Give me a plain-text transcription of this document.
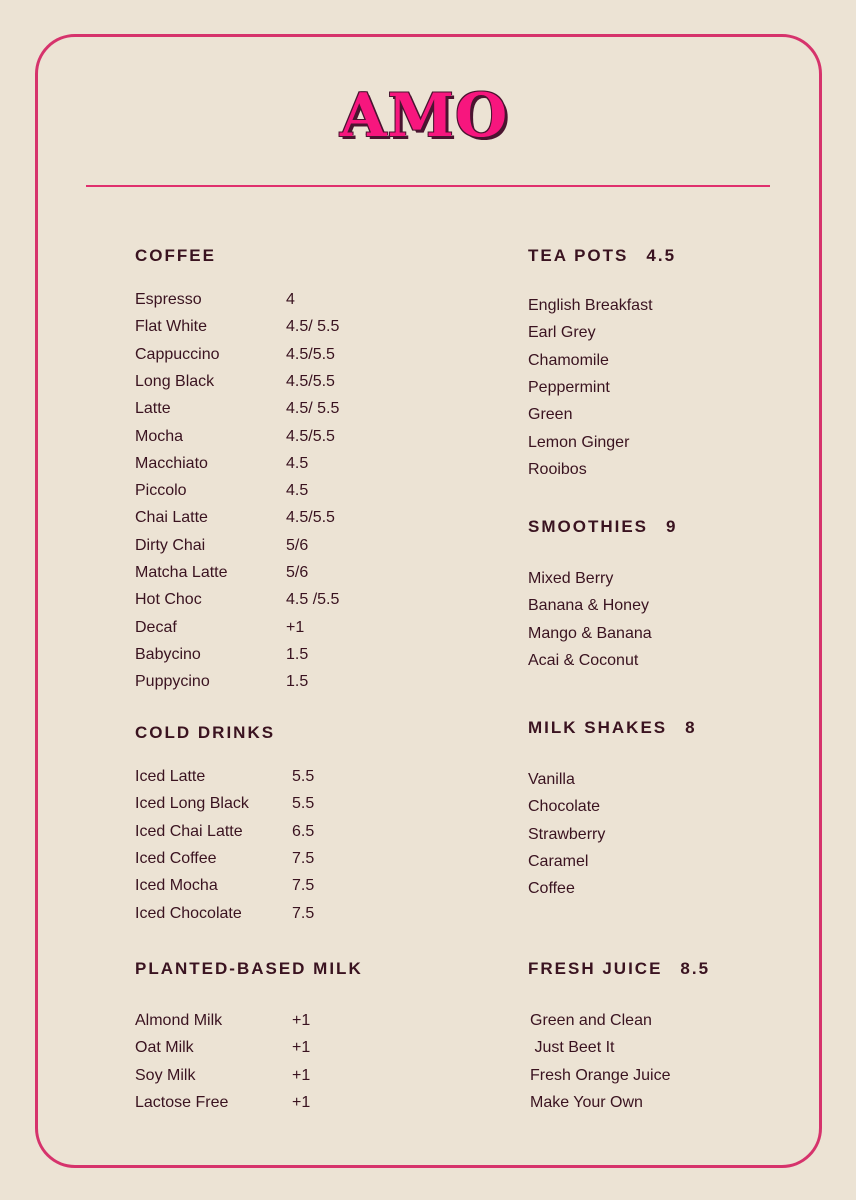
AMO
COFFEE
COLD DRINKS
PLANTED-BASED MILK
TEA POTS 4.5
SMOOTHIES 9
MILK SHAKES 8
FRESH JUICE 8.5
Espresso	4
Flat White	4.5/ 5.5
Cappuccino	4.5/5.5
Long Black	4.5/5.5
Latte	4.5/ 5.5
Mocha	4.5/5.5
Macchiato	4.5
Piccolo	4.5
Chai Latte	4.5/5.5
Dirty Chai	5/6
Matcha Latte	5/6
Hot Choc	4.5 /5.5
Decaf	+1
Babycino	1.5
Puppycino	1.5
Iced Latte	5.5
Iced Long Black	5.5
Iced Chai Latte	6.5
Iced Coffee	7.5
Iced Mocha	7.5
Iced Chocolate	7.5
Almond Milk	+1
Oat Milk	+1
Soy Milk	+1
Lactose Free	+1
English Breakfast
Earl Grey
Chamomile
Peppermint
Green
Lemon Ginger
Rooibos
Mixed Berry
Banana & Honey
Mango & Banana
Acai & Coconut
Vanilla
Chocolate
Strawberry
Caramel
Coffee
Green and Clean
Just Beet It
Fresh Orange Juice
Make Your Own
